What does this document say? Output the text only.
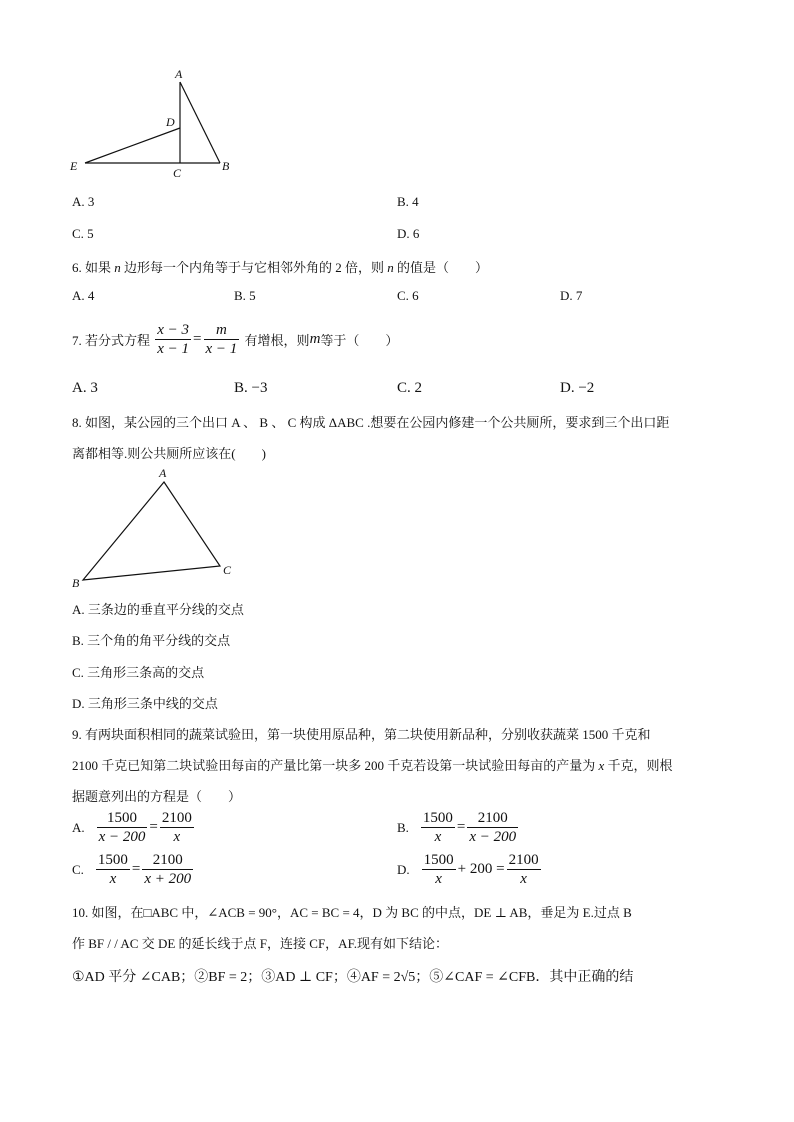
A
D
E	C	B
A. 3	B. 4
C. 5	D. 6
6. 如果 n 边形每一个内角等于与它相邻外角的 2 倍，则 n 的值是（　　）
A. 4	B. 5	C. 6	D. 7
7. 若分式方程 $\frac{x - 3}{x - 1} = \frac{m}{x - 1}$ 有增根，则m等于（　　）
A. 3	B. −3	C. 2	D. −2
8. 如图，某公园的三个出口 A 、 B 、 C 构成 ΔABC .想要在公园内修建一个公共厕所，要求到三个出口距
离都相等.则公共厕所应该在(　　)
A
B
C
A. 三条边的垂直平分线的交点
B. 三个角的角平分线的交点
C. 三角形三条高的交点
D. 三角形三条中线的交点
9. 有两块面积相同的蔬菜试验田，第一块使用原品种，第二块使用新品种，分别收获蔬菜 1500 千克和
2100 千克已知第二块试验田每亩的产量比第一块多 200 千克若设第一块试验田每亩的产量为 x 千克，则根
据题意列出的方程是（　　）
A. $\frac{1500}{x - 200} = \frac{2100}{x}$	B. $\frac{1500}{x} = \frac{2100}{x - 200}$
C. $\frac{1500}{x} = \frac{2100}{x + 200}$	D. $\frac{1500}{x} + 200 = \frac{2100}{x}$
10. 如图，在□ABC 中，∠ACB = 90°，AC = BC = 4，D 为 BC 的中点，DE ⊥ AB，垂足为 E.过点 B
作 BF / / AC 交 DE 的延长线于点 F，连接 CF，AF.现有如下结论：
①AD 平分 ∠CAB；②BF = 2；③AD ⊥ CF；④AF = 2√5；⑤∠CAF = ∠CFB．其中正确的结
